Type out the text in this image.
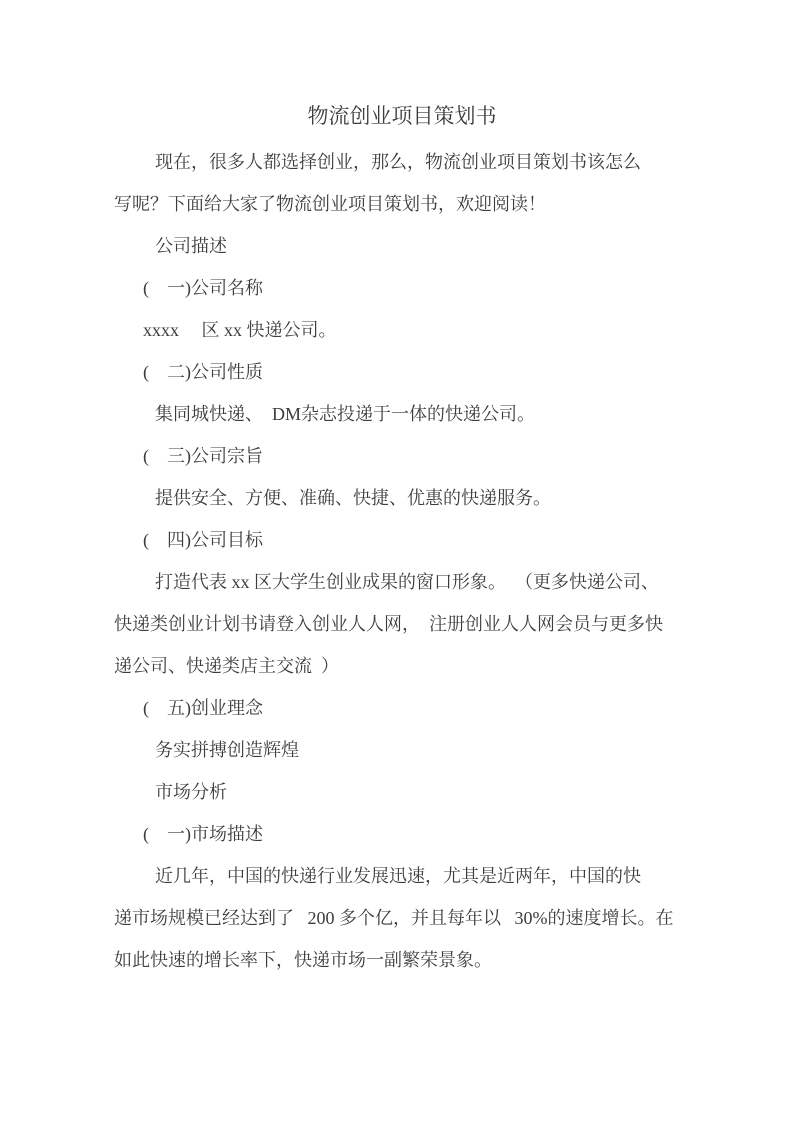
物流创业项目策划书
现在，很多人都选择创业，那么，物流创业项目策划书该怎么
写呢？下面给大家了物流创业项目策划书，欢迎阅读！
公司描述
(    一)公司名称
xxxx     区 xx 快递公司。
(    二)公司性质
集同城快递、  DM杂志投递于一体的快递公司。
(    三)公司宗旨
提供安全、方便、准确、快捷、优惠的快递服务。
(    四)公司目标
打造代表 xx 区大学生创业成果的窗口形象。  （更多快递公司、
快递类创业计划书请登入创业人人网，  注册创业人人网会员与更多快
递公司、快递类店主交流  ）
(    五)创业理念
务实拼搏创造辉煌
市场分析
(    一)市场描述
近几年，中国的快递行业发展迅速，尤其是近两年，中国的快
递市场规模已经达到了   200 多个亿，并且每年以   30%的速度增长。在
如此快速的增长率下，快递市场一副繁荣景象。
